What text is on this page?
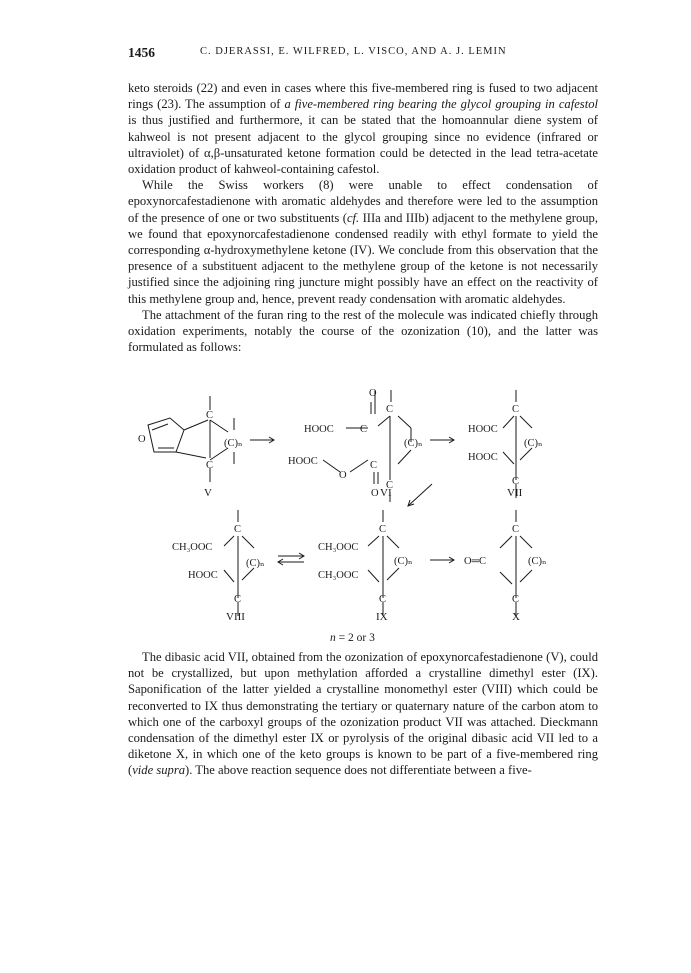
1456	C. DJERASSI, E. WILFRED, L. VISCO, AND A. J. LEMIN

keto steroids (22) and even in cases where this five-membered ring is fused to two adjacent rings (23). The assumption of a five-membered ring bearing the glycol grouping in cafestol is thus justified and furthermore, it can be stated that the homoannular diene system of kahweol is not present adjacent to the glycol grouping since no evidence (infrared or ultraviolet) of α,β-unsaturated ketone formation could be detected in the lead tetra-acetate oxidation product of kahweol-containing cafestol.

While the Swiss workers (8) were unable to effect condensation of epoxynorcafestadienone with aromatic aldehydes and therefore were led to the assumption of the presence of one or two substituents (cf. IIIa and IIIb) adjacent to the methylene group, we found that epoxynorcafestadienone condensed readily with ethyl formate to yield the corresponding α-hydroxymethylene ketone (IV). We conclude from this observation that the presence of a substituent adjacent to the methylene group of the ketone is not necessarily justified since the adjoining ring juncture might possibly have an effect on the reactivity of this methylene group and, hence, prevent ready condensation with aromatic aldehydes.

The attachment of the furan ring to the rest of the molecule was indicated chiefly through oxidation experiments, notably the course of the ozonization (10), and the latter was formulated as follows:

C
C
O	(C)ₙ
O
C
HOOC C
(C)ₙ
HOOC
O
C
C
O
C
HOOC
(C)ₙ
HOOC
C
C
CH₃OOC
(C)ₙ
HOOC
C
C
CH₃OOC
(C)ₙ
CH₃OOC
C
C
O═C	(C)ₙ
C
V	VI	VII
VIII	IX	X
n = 2 or 3

The dibasic acid VII, obtained from the ozonization of epoxynorcafestadienone (V), could not be crystallized, but upon methylation afforded a crystalline dimethyl ester (IX). Saponification of the latter yielded a crystalline monomethyl ester (VIII) which could be reconverted to IX thus demonstrating the tertiary or quaternary nature of the carbon atom to which one of the carboxyl groups of the ozonization product VII was attached. Dieckmann condensation of the dimethyl ester IX or pyrolysis of the original dibasic acid VII led to a diketone X, in which one of the keto groups is known to be part of a five-membered ring (vide supra). The above reaction sequence does not differentiate between a five-
